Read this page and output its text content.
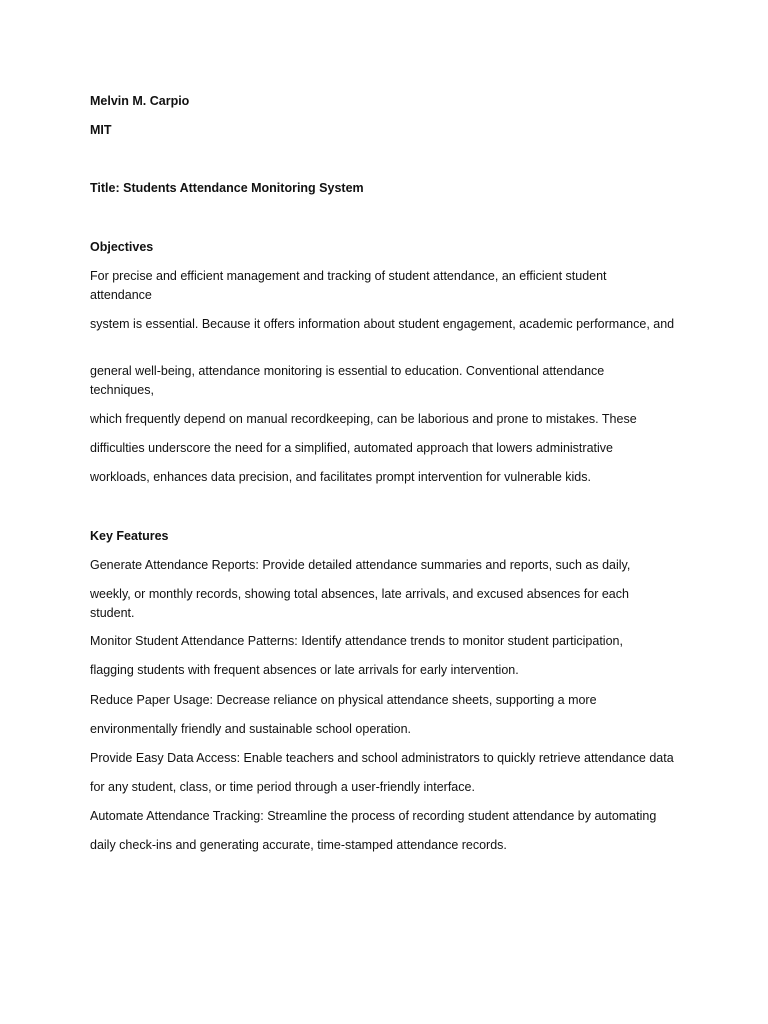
Melvin M. Carpio
MIT
Title: Students Attendance Monitoring System
Objectives
For precise and efficient management and tracking of student attendance, an efficient student attendance
system is essential. Because it offers information about student engagement, academic performance, and
general well-being, attendance monitoring is essential to education. Conventional attendance techniques,
which frequently depend on manual recordkeeping, can be laborious and prone to mistakes. These
difficulties underscore the need for a simplified, automated approach that lowers administrative
workloads, enhances data precision, and facilitates prompt intervention for vulnerable kids.
Key Features
Generate Attendance Reports: Provide detailed attendance summaries and reports, such as daily,
weekly, or monthly records, showing total absences, late arrivals, and excused absences for each student.
Monitor Student Attendance Patterns: Identify attendance trends to monitor student participation,
flagging students with frequent absences or late arrivals for early intervention.
Reduce Paper Usage: Decrease reliance on physical attendance sheets, supporting a more
environmentally friendly and sustainable school operation.
Provide Easy Data Access: Enable teachers and school administrators to quickly retrieve attendance data
for any student, class, or time period through a user-friendly interface.
Automate Attendance Tracking: Streamline the process of recording student attendance by automating
daily check-ins and generating accurate, time-stamped attendance records.
